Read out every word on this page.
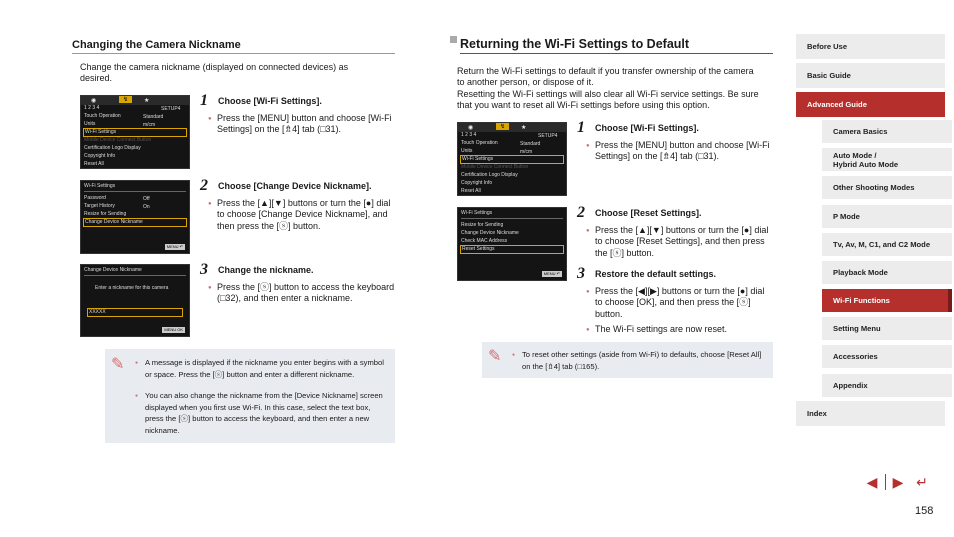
Changing the Camera Nickname
Change the camera nickname (displayed on connected devices) as desired.
◉	↯	★
1 2 3 4	SETUP4
Touch Operation	Standard
Units	m/cm
Wi-Fi Settings
Mobile Device Connect Button
Certification Logo Display
Copyright Info
Reset All
1 Choose [Wi-Fi Settings].
● Press the [MENU] button and choose [Wi-Fi Settings] on the [⇯4] tab (□31).
Wi-Fi Settings
Password	Off
Target History	On
Resize for Sending
Change Device Nickname
MENU ↶
2 Choose [Change Device Nickname].
● Press the [▲][▼] buttons or turn the [●] dial to choose [Change Device Nickname], and then press the [ⓢ] button.
Change Device Nickname
Enter a nickname for this camera
XXXXX
MENU OK
3 Change the nickname.
● Press the [ⓢ] button to access the keyboard (□32), and then enter a nickname.
✎	● A message is displayed if the nickname you enter begins with a symbol or space. Press the [ⓢ] button and enter a different nickname.
● You can also change the nickname from the [Device Nickname] screen displayed when you first use Wi-Fi. In this case, select the text box, press the [ⓢ] button to access the keyboard, and then enter a new nickname.
Returning the Wi-Fi Settings to Default
Return the Wi-Fi settings to default if you transfer ownership of the camera to another person, or dispose of it.
Resetting the Wi-Fi settings will also clear all Wi-Fi service settings. Be sure that you want to reset all Wi-Fi settings before using this option.
◉	↯	★
1 2 3 4	SETUP4
Touch Operation	Standard
Units	m/cm
Wi-Fi Settings
Mobile Device Connect Button
Certification Logo Display
Copyright Info
Reset All
1 Choose [Wi-Fi Settings].
● Press the [MENU] button and choose [Wi-Fi Settings] on the [⇯4] tab (□31).
Wi-Fi Settings
Resize for Sending
Change Device Nickname
Check MAC Address
Reset Settings
MENU ↶
2 Choose [Reset Settings].
● Press the [▲][▼] buttons or turn the [●] dial to choose [Reset Settings], and then press the [ⓢ] button.
3 Restore the default settings.
● Press the [◀][▶] buttons or turn the [●] dial to choose [OK], and then press the [ⓢ] button.
● The Wi-Fi settings are now reset.
✎	● To reset other settings (aside from Wi-Fi) to defaults, choose [Reset All] on the [⇯4] tab (□165).
Before Use
Basic Guide
Advanced Guide
Camera Basics
Auto Mode /
Hybrid Auto Mode
Other Shooting Modes
P Mode
Tv, Av, M, C1, and C2 Mode
Playback Mode
Wi-Fi Functions
Setting Menu
Accessories
Appendix
Index
◀ ▶ ↵
158
